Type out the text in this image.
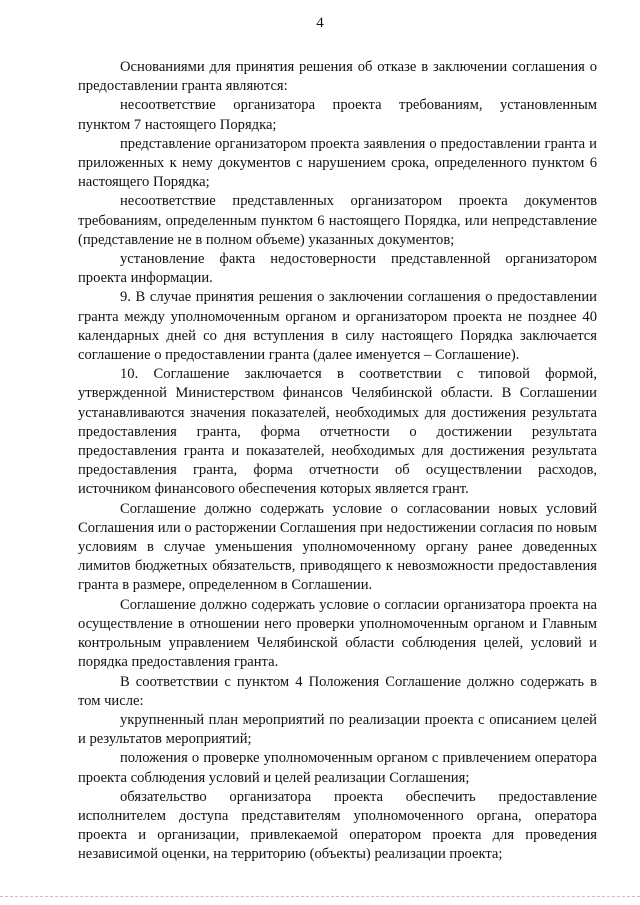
4

Основаниями для принятия решения об отказе в заключении соглашения о предоставлении гранта являются:

несоответствие организатора проекта требованиям, установленным пунктом 7 настоящего Порядка;

представление организатором проекта заявления о предоставлении гранта и приложенных к нему документов с нарушением срока, определенного пунктом 6 настоящего Порядка;

несоответствие представленных организатором проекта документов требованиям, определенным пунктом 6 настоящего Порядка, или непредставление (представление не в полном объеме) указанных документов;

установление факта недостоверности представленной организатором проекта информации.

9. В случае принятия решения о заключении соглашения о предоставлении гранта между уполномоченным органом и организатором проекта не позднее 40 календарных дней со дня вступления в силу настоящего Порядка заключается соглашение о предоставлении гранта (далее именуется – Соглашение).

10. Соглашение заключается в соответствии с типовой формой, утвержденной Министерством финансов Челябинской области. В Соглашении устанавливаются значения показателей, необходимых для достижения результата предоставления гранта, форма отчетности о достижении результата предоставления гранта и показателей, необходимых для достижения результата предоставления гранта, форма отчетности об осуществлении расходов, источником финансового обеспечения которых является грант.

Соглашение должно содержать условие о согласовании новых условий Соглашения или о расторжении Соглашения при недостижении согласия по новым условиям в случае уменьшения уполномоченному органу ранее доведенных лимитов бюджетных обязательств, приводящего к невозможности предоставления гранта в размере, определенном в Соглашении.

Соглашение должно содержать условие о согласии организатора проекта на осуществление в отношении него проверки уполномоченным органом и Главным контрольным управлением Челябинской области соблюдения целей, условий и порядка предоставления гранта.

В соответствии с пунктом 4 Положения Соглашение должно содержать в том числе:

укрупненный план мероприятий по реализации проекта с описанием целей и результатов мероприятий;

положения о проверке уполномоченным органом с привлечением оператора проекта соблюдения условий и целей реализации Соглашения;

обязательство организатора проекта обеспечить предоставление исполнителем доступа представителям уполномоченного органа, оператора проекта и организации, привлекаемой оператором проекта для проведения независимой оценки, на территорию (объекты) реализации проекта;
